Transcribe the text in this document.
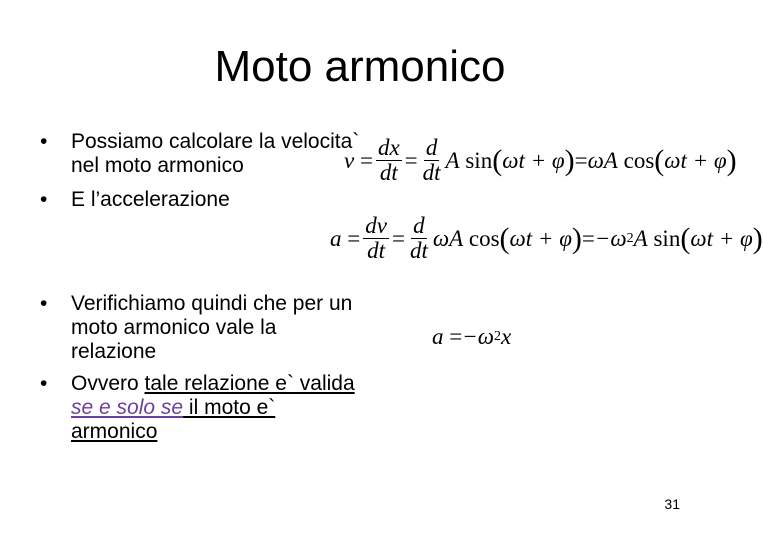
Moto armonico
• Possiamo calcolare la velocita` nel moto armonico
• E l’accelerazione
• Verifichiamo quindi che per un moto armonico vale la relazione
• Ovvero tale relazione e` valida se e solo se il moto e` armonico
v
= $\frac{dx}{dt} = \frac{d}{dt}$ A
sin ( ωt + φ ) = ωA
cos ( ωt + φ )
a
= $\frac{dv}{dt} = \frac{d}{dt}$ ωA
cos ( ωt + φ ) = −ω 2 A
sin ( ωt + φ )
a
= −ω 2 x
31
